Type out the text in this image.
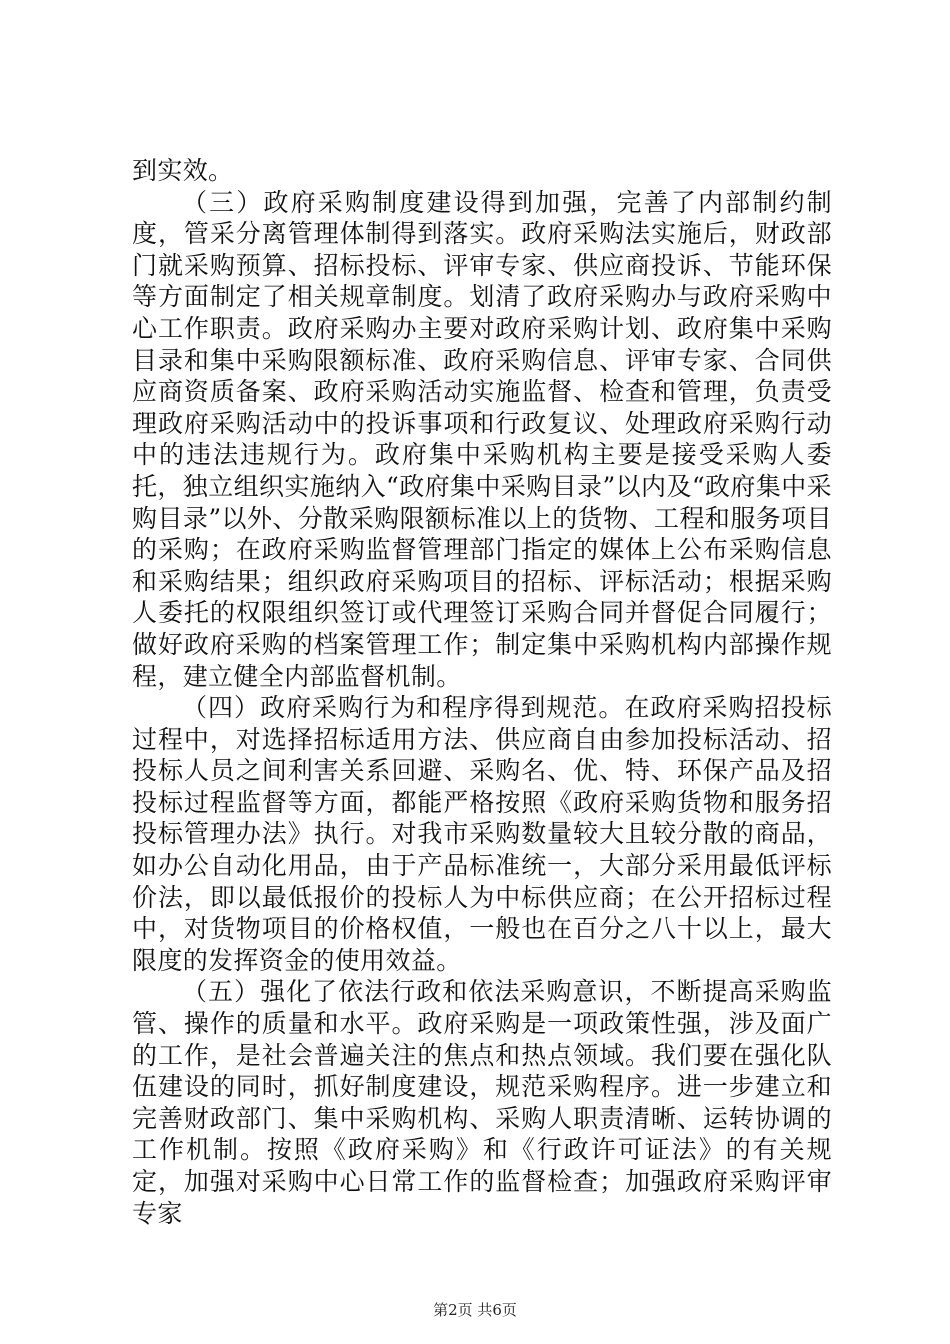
到实效。

（三）政府采购制度建设得到加强，完善了内部制约制度，管采分离管理体制得到落实。政府采购法实施后，财政部门就采购预算、招标投标、评审专家、供应商投诉、节能环保等方面制定了相关规章制度。划清了政府采购办与政府采购中心工作职责。政府采购办主要对政府采购计划、政府集中采购目录和集中采购限额标准、政府采购信息、评审专家、合同供应商资质备案、政府采购活动实施监督、检查和管理，负责受理政府采购活动中的投诉事项和行政复议、处理政府采购行动中的违法违规行为。政府集中采购机构主要是接受采购人委托，独立组织实施纳入“政府集中采购目录”以内及“政府集中采购目录”以外、分散采购限额标准以上的货物、工程和服务项目的采购；在政府采购监督管理部门指定的媒体上公布采购信息和采购结果；组织政府采购项目的招标、评标活动；根据采购人委托的权限组织签订或代理签订采购合同并督促合同履行；做好政府采购的档案管理工作；制定集中采购机构内部操作规程，建立健全内部监督机制。

（四）政府采购行为和程序得到规范。在政府采购招投标过程中，对选择招标适用方法、供应商自由参加投标活动、招投标人员之间利害关系回避、采购名、优、特、环保产品及招投标过程监督等方面，都能严格按照《政府采购货物和服务招投标管理办法》执行。对我市采购数量较大且较分散的商品，如办公自动化用品，由于产品标准统一，大部分采用最低评标价法，即以最低报价的投标人为中标供应商；在公开招标过程中，对货物项目的价格权值，一般也在百分之八十以上，最大限度的发挥资金的使用效益。

（五）强化了依法行政和依法采购意识，不断提高采购监管、操作的质量和水平。政府采购是一项政策性强，涉及面广的工作，是社会普遍关注的焦点和热点领域。我们要在强化队伍建设的同时，抓好制度建设，规范采购程序。进一步建立和完善财政部门、集中采购机构、采购人职责清晰、运转协调的工作机制。按照《政府采购》和《行政许可证法》的有关规定，加强对采购中心日常工作的监督检查；加强政府采购评审专家

第2页 共6页
